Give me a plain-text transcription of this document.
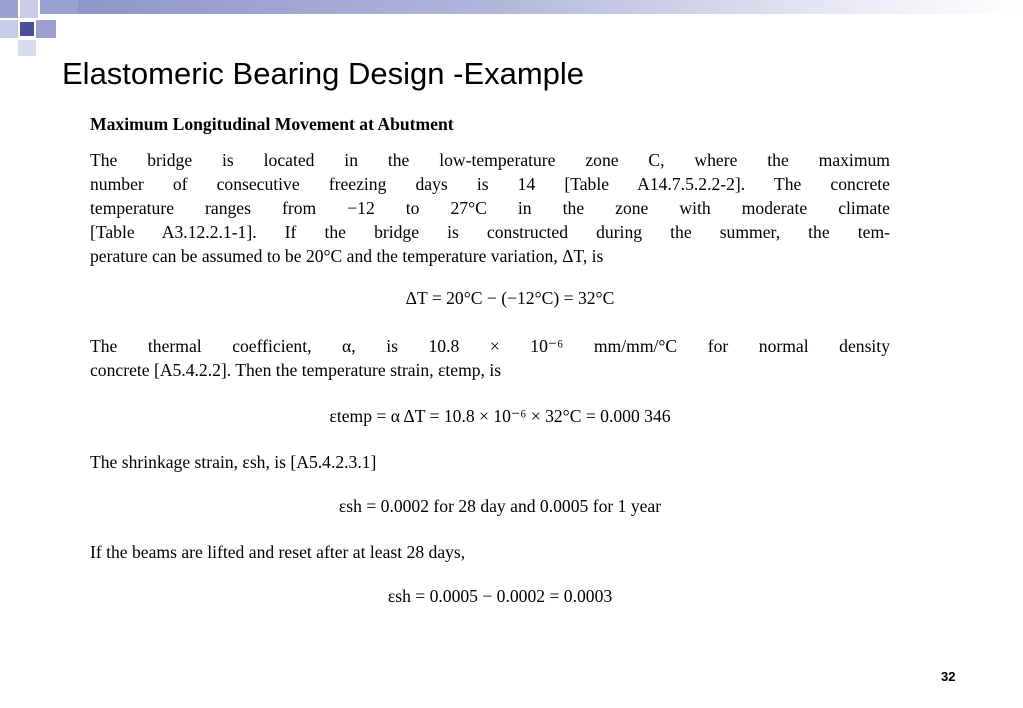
Elastomeric Bearing Design -Example

Maximum Longitudinal Movement at Abutment

The bridge is located in the low-temperature zone C, where the maximum
number of consecutive freezing days is 14 [Table A14.7.5.2.2-2]. The concrete
temperature ranges from −12 to 27°C in the zone with moderate climate
[Table A3.12.2.1-1]. If the bridge is constructed during the summer, the tem-
perature can be assumed to be 20°C and the temperature variation, ΔT, is

ΔT = 20°C − (−12°C) = 32°C

The thermal coefficient, α, is 10.8 × 10⁻⁶ mm/mm/°C for normal density
concrete [A5.4.2.2]. Then the temperature strain, εtemp, is

εtemp = α ΔT = 10.8 × 10⁻⁶ × 32°C = 0.000 346

The shrinkage strain, εsh, is [A5.4.2.3.1]

εsh = 0.0002 for 28 day and 0.0005 for 1 year

If the beams are lifted and reset after at least 28 days,

εsh = 0.0005 − 0.0002 = 0.0003

32
